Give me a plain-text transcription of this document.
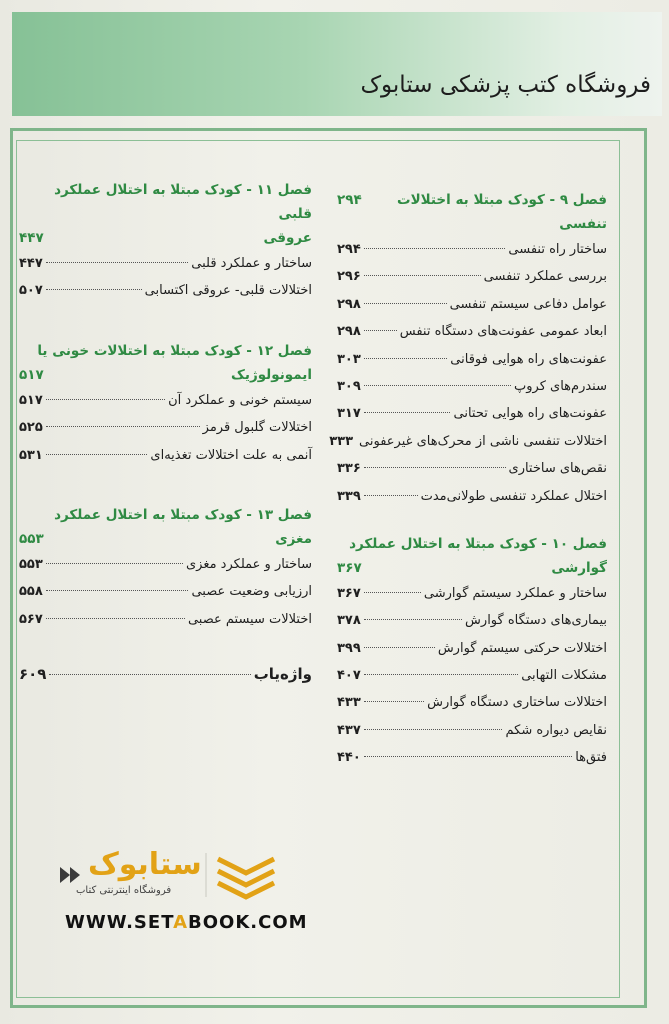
فروشگاه کتب پزشکی ستابوک
فصل ۹ - کودک مبتلا به اختلالات تنفسی
۲۹۴
ساختار راه تنفسی
۲۹۴
بررسی عملکرد تنفسی
۲۹۶
عوامل دفاعی سیستم تنفسی
۲۹۸
ابعاد عمومی عفونت‌های دستگاه تنفس
۲۹۸
عفونت‌های راه هوایی فوقانی
۳۰۳
سندرم‌های کروپ
۳۰۹
عفونت‌های راه هوایی تحتانی
۳۱۷
اختلالات تنفسی ناشی از محرک‌های غیرعفونی
۳۳۳
نقص‌های ساختاری
۳۳۶
اختلال عملکرد تنفسی طولانی‌مدت
۳۳۹
فصل ۱۰ - کودک مبتلا به اختلال عملکرد
گوارشی
۳۶۷
ساختار و عملکرد سیستم گوارشی
۳۶۷
بیماری‌های دستگاه گوارش
۳۷۸
اختلالات حرکتی سیستم گوارش
۳۹۹
مشکلات التهابی
۴۰۷
اختلالات ساختاری دستگاه گوارش
۴۳۳
نقایص دیواره شکم
۴۳۷
فتق‌ها
۴۴۰
فصل ۱۱ - کودک مبتلا به اختلال عملکرد قلبی
عروقی
۴۴۷
ساختار و عملکرد قلبی
۴۴۷
اختلالات قلبی- عروقی اکتسابی
۵۰۷
فصل ۱۲ - کودک مبتلا به اختلالات خونی یا
ایمونولوژیک
۵۱۷
سیستم خونی و عملکرد آن
۵۱۷
اختلالات گلبول قرمز
۵۲۵
آنمی به علت اختلالات تغذیه‌ای
۵۳۱
فصل ۱۳ - کودک مبتلا به اختلال عملکرد
مغزی
۵۵۳
ساختار و عملکرد مغزی
۵۵۳
ارزیابی وضعیت عصبی
۵۵۸
اختلالات سیستم عصبی
۵۶۷
واژه‌یاب
۶۰۹
ستابوک
فروشگاه اینترنتی کتاب
WWW.SETABOOK.COM
